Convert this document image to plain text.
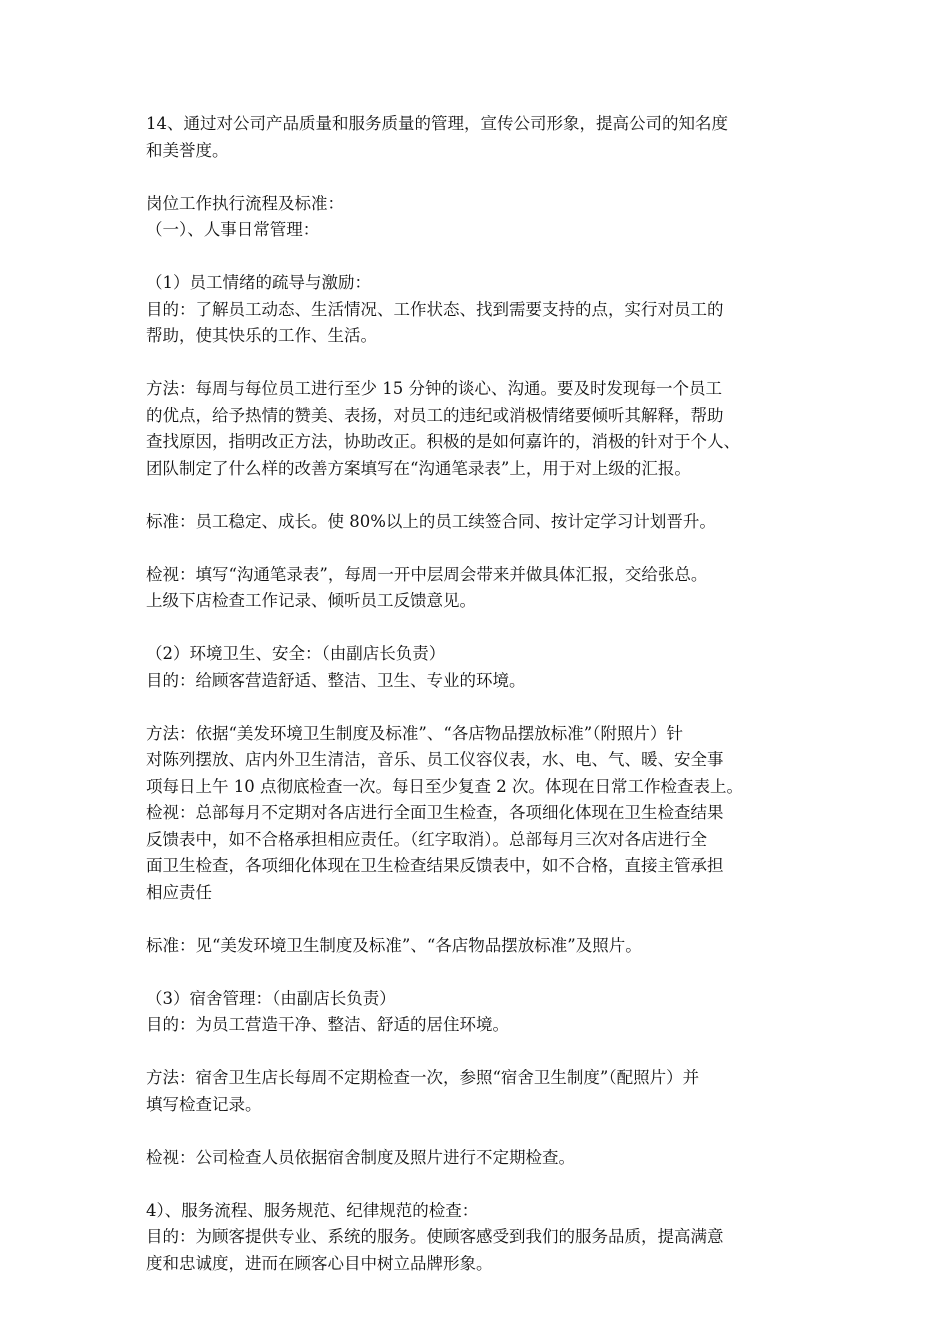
14、通过对公司产品质量和服务质量的管理，宣传公司形象，提高公司的知名度
和美誉度。
岗位工作执行流程及标准：
（一）、人事日常管理：
（1）员工情绪的疏导与激励：
目的：了解员工动态、生活情况、工作状态、找到需要支持的点，实行对员工的
帮助，使其快乐的工作、生活。
方法：每周与每位员工进行至少 15 分钟的谈心、沟通。要及时发现每一个员工
的优点，给予热情的赞美、表扬，对员工的违纪或消极情绪要倾听其解释，帮助
查找原因，指明改正方法，协助改正。积极的是如何嘉许的，消极的针对于个人、
团队制定了什么样的改善方案填写在“沟通笔录表”上，用于对上级的汇报。
标准：员工稳定、成长。使 80%以上的员工续签合同、按计定学习计划晋升。
检视：填写“沟通笔录表”，每周一开中层周会带来并做具体汇报，交给张总。
上级下店检查工作记录、倾听员工反馈意见。
（2）环境卫生、安全：（由副店长负责）
目的：给顾客营造舒适、整洁、卫生、专业的环境。
方法：依据“美发环境卫生制度及标准”、“各店物品摆放标准”（附照片）针
对陈列摆放、店内外卫生清洁，音乐、员工仪容仪表，水、电、气、暖、安全事
项每日上午 10 点彻底检查一次。每日至少复查 2 次。体现在日常工作检查表上。
检视：总部每月不定期对各店进行全面卫生检查，各项细化体现在卫生检查结果
反馈表中，如不合格承担相应责任。（红字取消）。总部每月三次对各店进行全
面卫生检查，各项细化体现在卫生检查结果反馈表中，如不合格，直接主管承担
相应责任
标准：见“美发环境卫生制度及标准”、“各店物品摆放标准”及照片。
（3）宿舍管理：（由副店长负责）
目的：为员工营造干净、整洁、舒适的居住环境。
方法：宿舍卫生店长每周不定期检查一次，参照“宿舍卫生制度”（配照片）并
填写检查记录。
检视：公司检查人员依据宿舍制度及照片进行不定期检查。
4）、服务流程、服务规范、纪律规范的检查：
目的：为顾客提供专业、系统的服务。使顾客感受到我们的服务品质，提高满意
度和忠诚度，进而在顾客心目中树立品牌形象。
